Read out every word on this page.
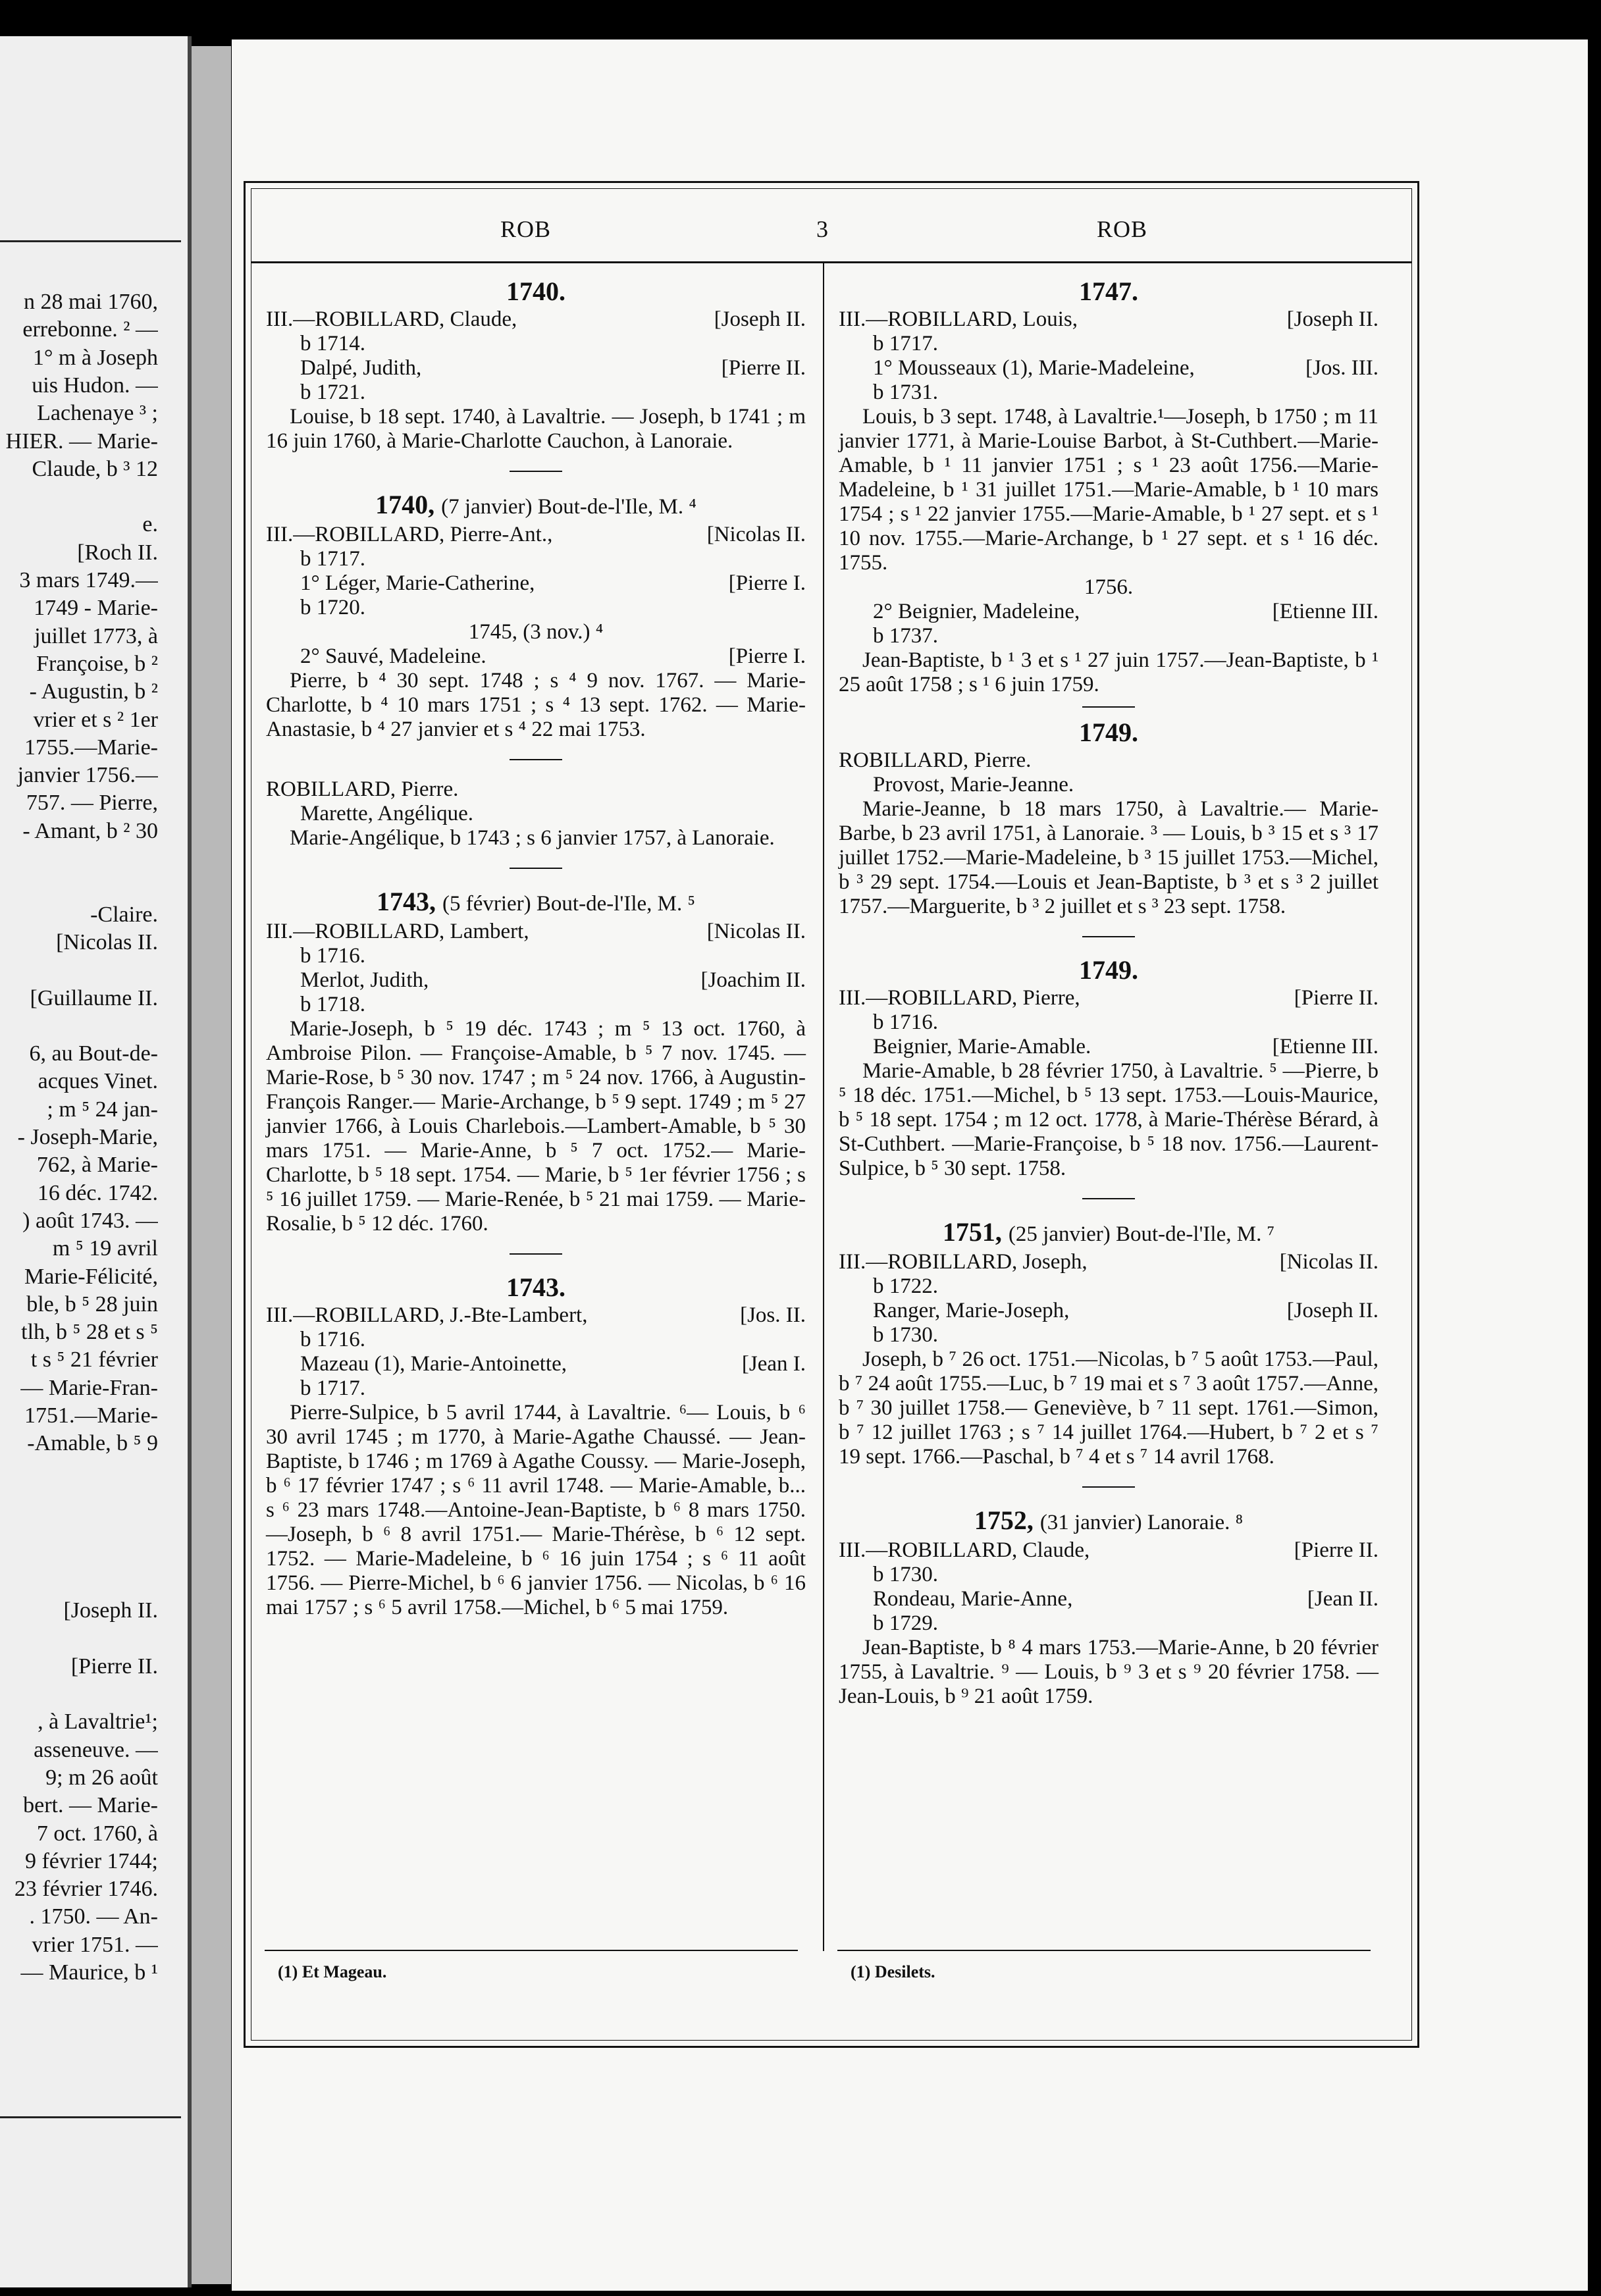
n 28 mai 1760,
errebonne. ² —
1° m à Joseph
uis Hudon. —
Lachenaye ³ ;
HIER. — Marie-
Claude, b ³ 12
e.
[Roch II.
3 mars 1749.—
1749 - Marie-
juillet 1773, à
Françoise, b ²
- Augustin, b ²
vrier et s ² 1er
1755.—Marie-
janvier 1756.—
757. — Pierre,
- Amant, b ² 30
-Claire.
[Nicolas II.
[Guillaume II.
6, au Bout-de-
acques Vinet.
; m ⁵ 24 jan-
- Joseph-Marie,
762, à Marie-
16 déc. 1742.
) août 1743. —
m ⁵ 19 avril
Marie-Félicité,
ble, b ⁵ 28 juin
tlh, b ⁵ 28 et s ⁵
t s ⁵ 21 février
— Marie-Fran-
1751.—Marie-
-Amable, b ⁵ 9
[Joseph II.
[Pierre II.
, à Lavaltrie¹;
asseneuve. —
9; m 26 août
bert. — Marie-
7 oct. 1760, à
9 février 1744;
23 février 1746.
. 1750. — An-
vrier 1751. —
— Maurice, b ¹
ROB	3	ROB

1740.

III.—ROBILLARD, Claude,	[Joseph II.

b 1714.

Dalpé, Judith,	[Pierre II.

b 1721.

Louise, b 18 sept. 1740, à Lavaltrie. — Joseph, b 1741 ; m 16 juin 1760, à Marie-Charlotte Cauchon, à Lanoraie.

1740, (7 janvier) Bout-de-l'Ile, M. ⁴

III.—ROBILLARD, Pierre-Ant.,	[Nicolas II.

b 1717.

1° Léger, Marie-Catherine,	[Pierre I.

b 1720.

1745, (3 nov.) ⁴

2° Sauvé, Madeleine.	[Pierre I.

Pierre, b ⁴ 30 sept. 1748 ; s ⁴ 9 nov. 1767. — Marie-Charlotte, b ⁴ 10 mars 1751 ; s ⁴ 13 sept. 1762. — Marie-Anastasie, b ⁴ 27 janvier et s ⁴ 22 mai 1753.

ROBILLARD, Pierre.

Marette, Angélique.

Marie-Angélique, b 1743 ; s 6 janvier 1757, à Lanoraie.

1743, (5 février) Bout-de-l'Ile, M. ⁵

III.—ROBILLARD, Lambert,	[Nicolas II.

b 1716.

Merlot, Judith,	[Joachim II.

b 1718.

Marie-Joseph, b ⁵ 19 déc. 1743 ; m ⁵ 13 oct. 1760, à Ambroise Pilon. — Françoise-Amable, b ⁵ 7 nov. 1745. — Marie-Rose, b ⁵ 30 nov. 1747 ; m ⁵ 24 nov. 1766, à Augustin-François Ranger.— Marie-Archange, b ⁵ 9 sept. 1749 ; m ⁵ 27 janvier 1766, à Louis Charlebois.—Lambert-Amable, b ⁵ 30 mars 1751. — Marie-Anne, b ⁵ 7 oct. 1752.— Marie-Charlotte, b ⁵ 18 sept. 1754. — Marie, b ⁵ 1er février 1756 ; s ⁵ 16 juillet 1759. — Marie-Renée, b ⁵ 21 mai 1759. — Marie-Rosalie, b ⁵ 12 déc. 1760.

1743.

III.—ROBILLARD, J.-Bte-Lambert,	[Jos. II.

b 1716.

Mazeau (1), Marie-Antoinette,	[Jean I.

b 1717.

Pierre-Sulpice, b 5 avril 1744, à Lavaltrie. ⁶— Louis, b ⁶ 30 avril 1745 ; m 1770, à Marie-Agathe Chaussé. — Jean-Baptiste, b 1746 ; m 1769 à Agathe Coussy. — Marie-Joseph, b ⁶ 17 février 1747 ; s ⁶ 11 avril 1748. — Marie-Amable, b... s ⁶ 23 mars 1748.—Antoine-Jean-Baptiste, b ⁶ 8 mars 1750.—Joseph, b ⁶ 8 avril 1751.— Marie-Thérèse, b ⁶ 12 sept. 1752. — Marie-Madeleine, b ⁶ 16 juin 1754 ; s ⁶ 11 août 1756. — Pierre-Michel, b ⁶ 6 janvier 1756. — Nicolas, b ⁶ 16 mai 1757 ; s ⁶ 5 avril 1758.—Michel, b ⁶ 5 mai 1759.

1747.

III.—ROBILLARD, Louis,	[Joseph II.

b 1717.

1° Mousseaux (1), Marie-Madeleine,	[Jos. III.

b 1731.

Louis, b 3 sept. 1748, à Lavaltrie.¹—Joseph, b 1750 ; m 11 janvier 1771, à Marie-Louise Barbot, à St-Cuthbert.—Marie-Amable, b ¹ 11 janvier 1751 ; s ¹ 23 août 1756.—Marie-Madeleine, b ¹ 31 juillet 1751.—Marie-Amable, b ¹ 10 mars 1754 ; s ¹ 22 janvier 1755.—Marie-Amable, b ¹ 27 sept. et s ¹ 10 nov. 1755.—Marie-Archange, b ¹ 27 sept. et s ¹ 16 déc. 1755.

1756.

2° Beignier, Madeleine,	[Etienne III.

b 1737.

Jean-Baptiste, b ¹ 3 et s ¹ 27 juin 1757.—Jean-Baptiste, b ¹ 25 août 1758 ; s ¹ 6 juin 1759.

1749.

ROBILLARD, Pierre.

Provost, Marie-Jeanne.

Marie-Jeanne, b 18 mars 1750, à Lavaltrie.— Marie-Barbe, b 23 avril 1751, à Lanoraie. ³ — Louis, b ³ 15 et s ³ 17 juillet 1752.—Marie-Madeleine, b ³ 15 juillet 1753.—Michel, b ³ 29 sept. 1754.—Louis et Jean-Baptiste, b ³ et s ³ 2 juillet 1757.—Marguerite, b ³ 2 juillet et s ³ 23 sept. 1758.

1749.

III.—ROBILLARD, Pierre,	[Pierre II.

b 1716.

Beignier, Marie-Amable.	[Etienne III.

Marie-Amable, b 28 février 1750, à Lavaltrie. ⁵ —Pierre, b ⁵ 18 déc. 1751.—Michel, b ⁵ 13 sept. 1753.—Louis-Maurice, b ⁵ 18 sept. 1754 ; m 12 oct. 1778, à Marie-Thérèse Bérard, à St-Cuthbert. —Marie-Françoise, b ⁵ 18 nov. 1756.—Laurent-Sulpice, b ⁵ 30 sept. 1758.

1751, (25 janvier) Bout-de-l'Ile, M. ⁷

III.—ROBILLARD, Joseph,	[Nicolas II.

b 1722.

Ranger, Marie-Joseph,	[Joseph II.

b 1730.

Joseph, b ⁷ 26 oct. 1751.—Nicolas, b ⁷ 5 août 1753.—Paul, b ⁷ 24 août 1755.—Luc, b ⁷ 19 mai et s ⁷ 3 août 1757.—Anne, b ⁷ 30 juillet 1758.— Geneviève, b ⁷ 11 sept. 1761.—Simon, b ⁷ 12 juillet 1763 ; s ⁷ 14 juillet 1764.—Hubert, b ⁷ 2 et s ⁷ 19 sept. 1766.—Paschal, b ⁷ 4 et s ⁷ 14 avril 1768.

1752, (31 janvier) Lanoraie. ⁸

III.—ROBILLARD, Claude,	[Pierre II.

b 1730.

Rondeau, Marie-Anne,	[Jean II.

b 1729.

Jean-Baptiste, b ⁸ 4 mars 1753.—Marie-Anne, b 20 février 1755, à Lavaltrie. ⁹ — Louis, b ⁹ 3 et s ⁹ 20 février 1758. — Jean-Louis, b ⁹ 21 août 1759.

(1) Et Mageau.	(1) Desilets.
